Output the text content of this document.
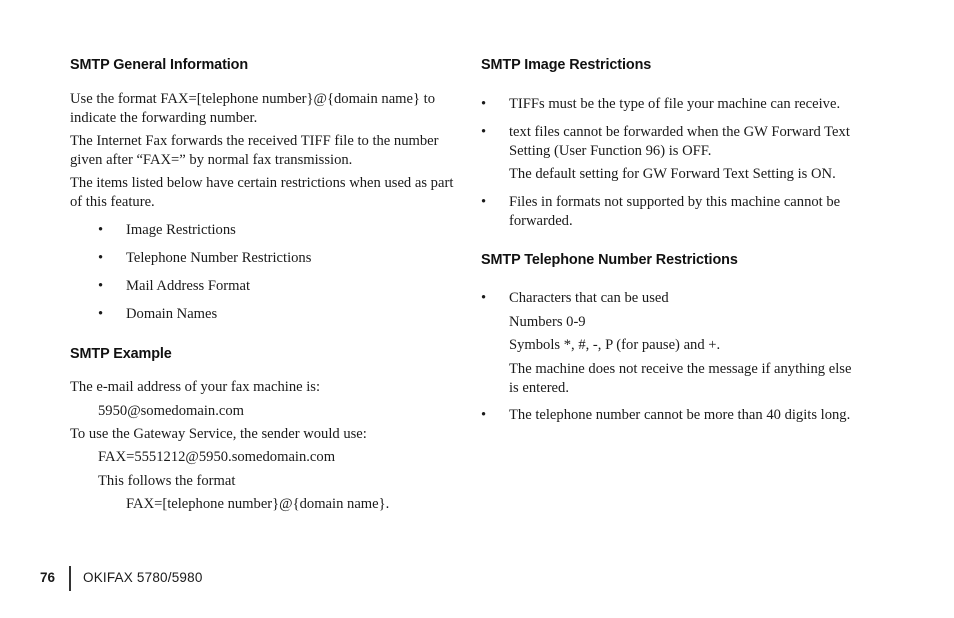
SMTP General Information

Use the format FAX=[telephone number}@{domain name} to indicate the forwarding number.

The Internet Fax forwards the received TIFF file to the number given after “FAX=” by normal fax transmission.

The items listed below have certain restrictions when used as part of this feature.

• Image Restrictions
• Telephone Number Restrictions
• Mail Address Format
• Domain Names
SMTP Example

The e-mail address of your fax machine is:

5950@somedomain.com

To use the Gateway Service, the sender would use:

FAX=5551212@5950.somedomain.com

This follows the format

FAX=[telephone number}@{domain name}.

SMTP Image Restrictions
• TIFFs must be the type of file your machine can receive.
• text files cannot be forwarded when the GW Forward Text Setting (User Function 96) is OFF.

The default setting for GW Forward Text Setting is ON.

• Files in formats not supported by this machine cannot be forwarded.
SMTP Telephone Number Restrictions
• Characters that can be used

Numbers 0-9

Symbols *, #, -, P (for pause) and +.

The machine does not receive the message if anything else is entered.

• The telephone number cannot be more than 40 digits long.
76 OKIFAX 5780/5980
